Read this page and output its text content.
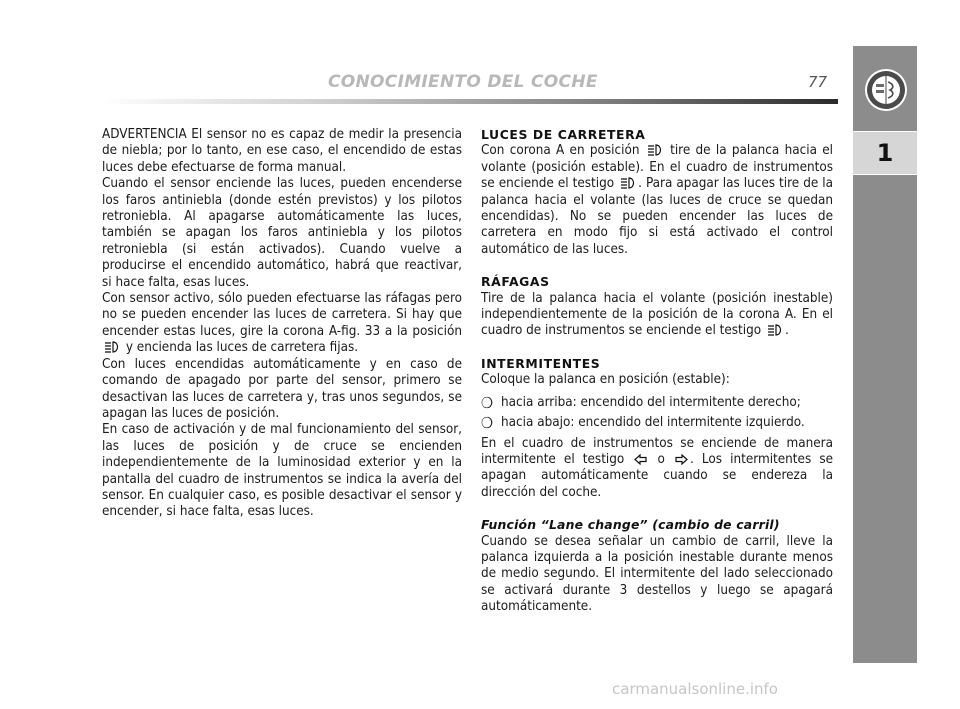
CONOCIMIENTO DEL COCHE	77
1

ADVERTENCIA El sensor no es capaz de medir la presencia de niebla; por lo tanto, en ese caso, el encendido de estas luces debe efectuarse de forma manual.

Cuando el sensor enciende las luces, pueden encenderse los faros antiniebla (donde estén previstos) y los pilotos retroniebla. Al apagarse automáticamente las luces, también se apagan los faros antiniebla y los pilotos retroniebla (si están activados). Cuando vuelve a producirse el encendido automático, habrá que reactivar, si hace falta, esas luces.

Con sensor activo, sólo pueden efectuarse las ráfagas pero no se pueden encender las luces de carretera. Si hay que encender estas luces, gire la corona A-fig. 33 a la posición  y encienda las luces de carretera fijas.

Con luces encendidas automáticamente y en caso de comando de apagado por parte del sensor, primero se desactivan las luces de carretera y, tras unos segundos, se apagan las luces de posición.

En caso de activación y de mal funcionamiento del sensor, las luces de posición y de cruce se encienden independientemente de la luminosidad exterior y en la pantalla del cuadro de instrumentos se indica la avería del sensor. En cualquier caso, es posible desactivar el sensor y encender, si hace falta, esas luces.

LUCES DE CARRETERA

Con corona A en posición tire de la palanca hacia el volante (posición estable). En el cuadro de instrumentos se enciende el testigo . Para apagar las luces tire de la palanca hacia el volante (las luces de cruce se quedan encendidas). No se pueden encender las luces de carretera en modo fijo si está activado el control automático de las luces.

RÁFAGAS

Tire de la palanca hacia el volante (posición inestable) independientemente de la posición de la corona A. En el cuadro de instrumentos se enciende el testigo .

INTERMITENTES

Coloque la palanca en posición (estable):

❍ hacia arriba: encendido del intermitente derecho;
❍ hacia abajo: encendido del intermitente izquierdo.

En el cuadro de instrumentos se enciende de manera intermitente el testigo o . Los intermitentes se apagan automáticamente cuando se endereza la dirección del coche.

Función “Lane change” (cambio de carril)

Cuando se desea señalar un cambio de carril, lleve la palanca izquierda a la posición inestable durante menos de medio segundo. El intermitente del lado seleccionado se activará durante 3 destellos y luego se apagará automáticamente.

carmanualsonline.info
